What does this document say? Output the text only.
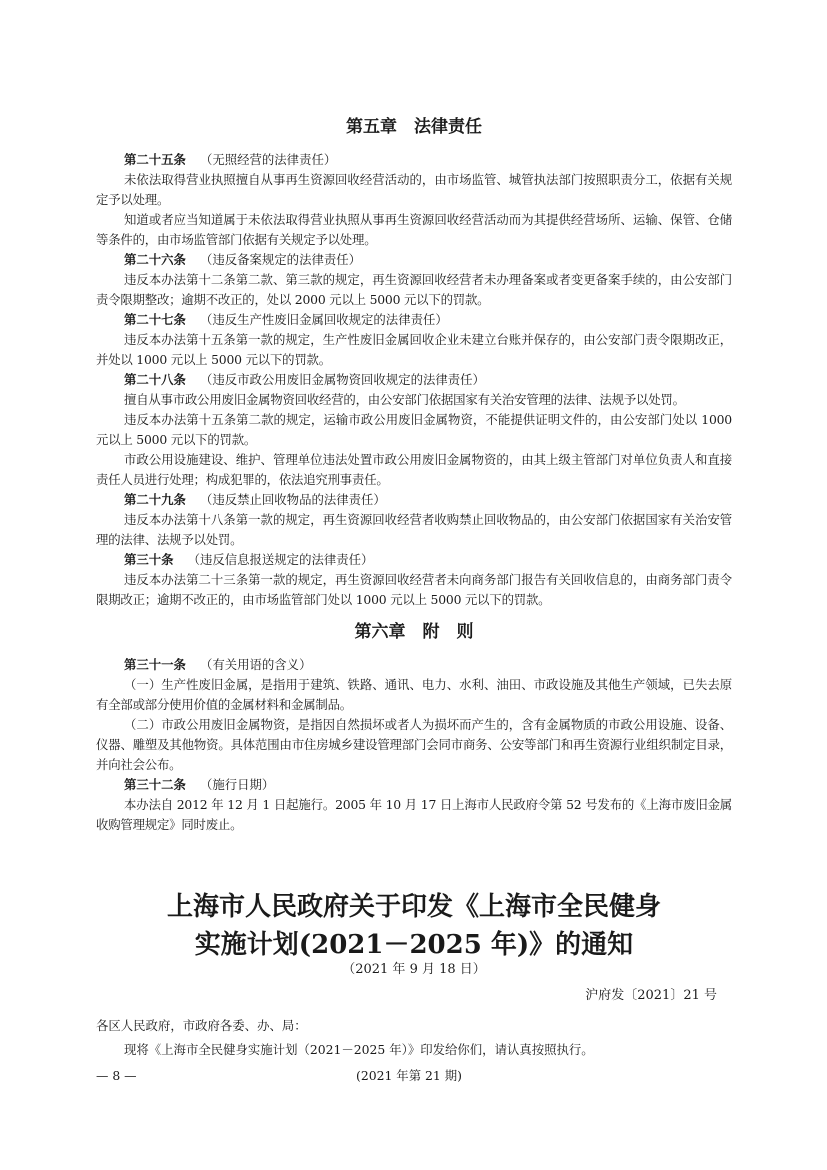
第五章　法律责任

第二十五条 （无照经营的法律责任）

未依法取得营业执照擅自从事再生资源回收经营活动的，由市场监管、城管执法部门按照职责分工，依据有关规定予以处理。

知道或者应当知道属于未依法取得营业执照从事再生资源回收经营活动而为其提供经营场所、运输、保管、仓储等条件的，由市场监管部门依据有关规定予以处理。

第二十六条 （违反备案规定的法律责任）

违反本办法第十二条第二款、第三款的规定，再生资源回收经营者未办理备案或者变更备案手续的，由公安部门责令限期整改；逾期不改正的，处以 2000 元以上 5000 元以下的罚款。

第二十七条 （违反生产性废旧金属回收规定的法律责任）

违反本办法第十五条第一款的规定，生产性废旧金属回收企业未建立台账并保存的，由公安部门责令限期改正，并处以 1000 元以上 5000 元以下的罚款。

第二十八条 （违反市政公用废旧金属物资回收规定的法律责任）

擅自从事市政公用废旧金属物资回收经营的，由公安部门依据国家有关治安管理的法律、法规予以处罚。

违反本办法第十五条第二款的规定，运输市政公用废旧金属物资，不能提供证明文件的，由公安部门处以 1000 元以上 5000 元以下的罚款。

市政公用设施建设、维护、管理单位违法处置市政公用废旧金属物资的，由其上级主管部门对单位负责人和直接责任人员进行处理；构成犯罪的，依法追究刑事责任。

第二十九条 （违反禁止回收物品的法律责任）

违反本办法第十八条第一款的规定，再生资源回收经营者收购禁止回收物品的，由公安部门依据国家有关治安管理的法律、法规予以处罚。

第三十条 （违反信息报送规定的法律责任）

违反本办法第二十三条第一款的规定，再生资源回收经营者未向商务部门报告有关回收信息的，由商务部门责令限期改正；逾期不改正的，由市场监管部门处以 1000 元以上 5000 元以下的罚款。

第六章　附　则

第三十一条 （有关用语的含义）

（一）生产性废旧金属，是指用于建筑、铁路、通讯、电力、水利、油田、市政设施及其他生产领域，已失去原有全部或部分使用价值的金属材料和金属制品。

（二）市政公用废旧金属物资，是指因自然损坏或者人为损坏而产生的，含有金属物质的市政公用设施、设备、仪器、雕塑及其他物资。具体范围由市住房城乡建设管理部门会同市商务、公安等部门和再生资源行业组织制定目录，并向社会公布。

第三十二条 （施行日期）

本办法自 2012 年 12 月 1 日起施行。2005 年 10 月 17 日上海市人民政府令第 52 号发布的《上海市废旧金属收购管理规定》同时废止。

上海市人民政府关于印发《上海市全民健身
实施计划(2021－2025 年)》的通知

（2021 年 9 月 18 日）

沪府发〔2021〕21 号

各区人民政府，市政府各委、办、局：

现将《上海市全民健身实施计划（2021－2025 年）》印发给你们，请认真按照执行。

— 8 —	(2021 年第 21 期)
